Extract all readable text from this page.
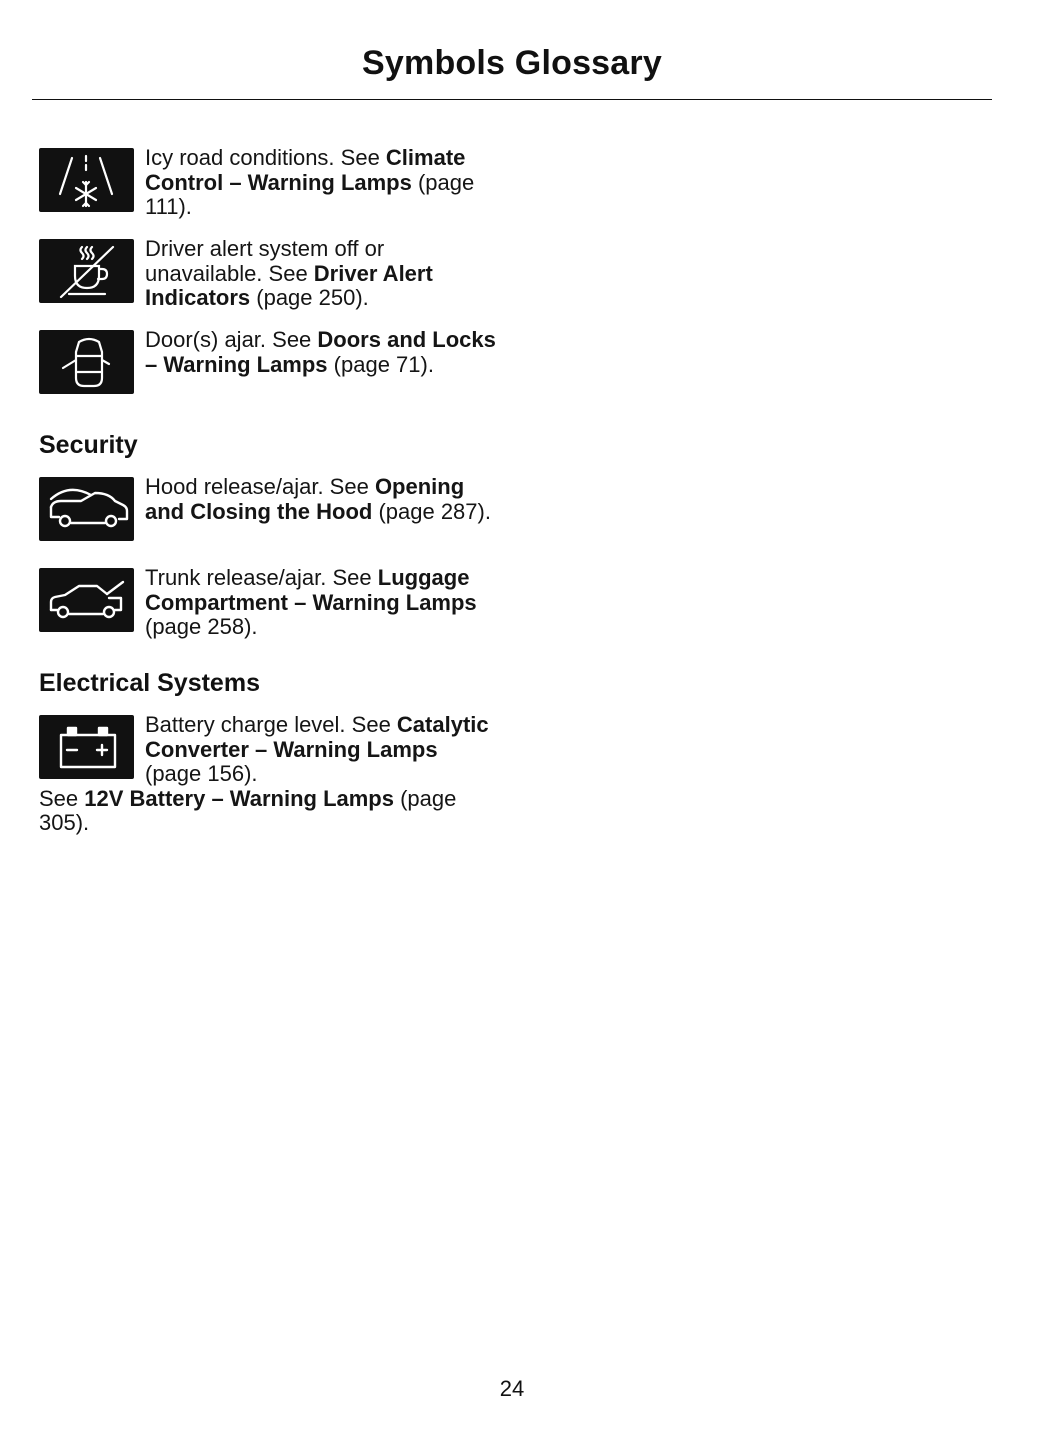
Symbols Glossary
Icy road conditions. See Climate Control – Warning Lamps (page 111).
Driver alert system off or unavailable. See Driver Alert Indicators (page 250).
Door(s) ajar. See Doors and Locks – Warning Lamps (page 71).
Security
Hood release/ajar. See Opening and Closing the Hood (page 287).
Trunk release/ajar. See Luggage Compartment – Warning Lamps (page 258).
Electrical Systems
Battery charge level. See Catalytic Converter – Warning Lamps (page 156).
See 12V Battery – Warning Lamps (page 305).
24
